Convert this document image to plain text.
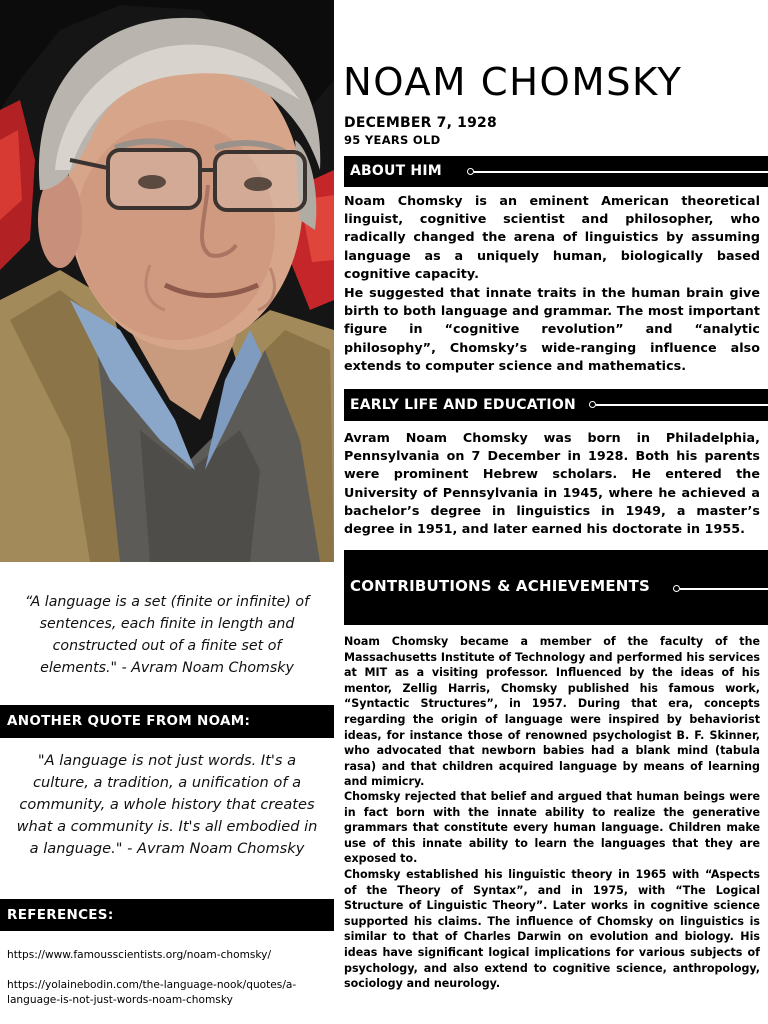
“A language is a set (finite or infinite) of sentences, each finite in length and constructed out of a finite set of elements." - Avram Noam Chomsky
ANOTHER QUOTE FROM NOAM:
"A language is not just words. It's a culture, a tradition, a unification of a community, a whole history that creates what a community is. It's all embodied in a language." - Avram Noam Chomsky
REFERENCES:
https://www.famousscientists.org/noam-chomsky/
https://yolainebodin.com/the-language-nook/quotes/a-language-is-not-just-words-noam-chomsky
NOAM CHOMSKY
DECEMBER 7, 1928
95 YEARS OLD
ABOUT HIM
Noam Chomsky is an eminent American theoretical linguist, cognitive scientist and philosopher, who radically changed the arena of linguistics by assuming language as a uniquely human, biologically based cognitive capacity.
He suggested that innate traits in the human brain give birth to both language and grammar. The most important figure in “cognitive revolution” and “analytic philosophy”, Chomsky’s wide-ranging influence also extends to computer science and mathematics.
EARLY LIFE AND EDUCATION
Avram Noam Chomsky was born in Philadelphia, Pennsylvania on 7 December in 1928. Both his parents were prominent Hebrew scholars. He entered the University of Pennsylvania in 1945, where he achieved a bachelor’s degree in linguistics in 1949, a master’s degree in 1951, and later earned his doctorate in 1955.
CONTRIBUTIONS & ACHIEVEMENTS
Noam Chomsky became a member of the faculty of the Massachusetts Institute of Technology and performed his services at MIT as a visiting professor. Influenced by the ideas of his mentor, Zellig Harris, Chomsky published his famous work, “Syntactic Structures”, in 1957. During that era, concepts regarding the origin of language were inspired by behaviorist ideas, for instance those of renowned psychologist B. F. Skinner, who advocated that newborn babies had a blank mind (tabula rasa) and that children acquired language by means of learning and mimicry.
Chomsky rejected that belief and argued that human beings were in fact born with the innate ability to realize the generative grammars that constitute every human language. Children make use of this innate ability to learn the languages that they are exposed to.
Chomsky established his linguistic theory in 1965 with “Aspects of the Theory of Syntax”, and in 1975, with “The Logical Structure of Linguistic Theory”. Later works in cognitive science supported his claims. The influence of Chomsky on linguistics is similar to that of Charles Darwin on evolution and biology. His ideas have significant logical implications for various subjects of psychology, and also extend to cognitive science, anthropology, sociology and neurology.
